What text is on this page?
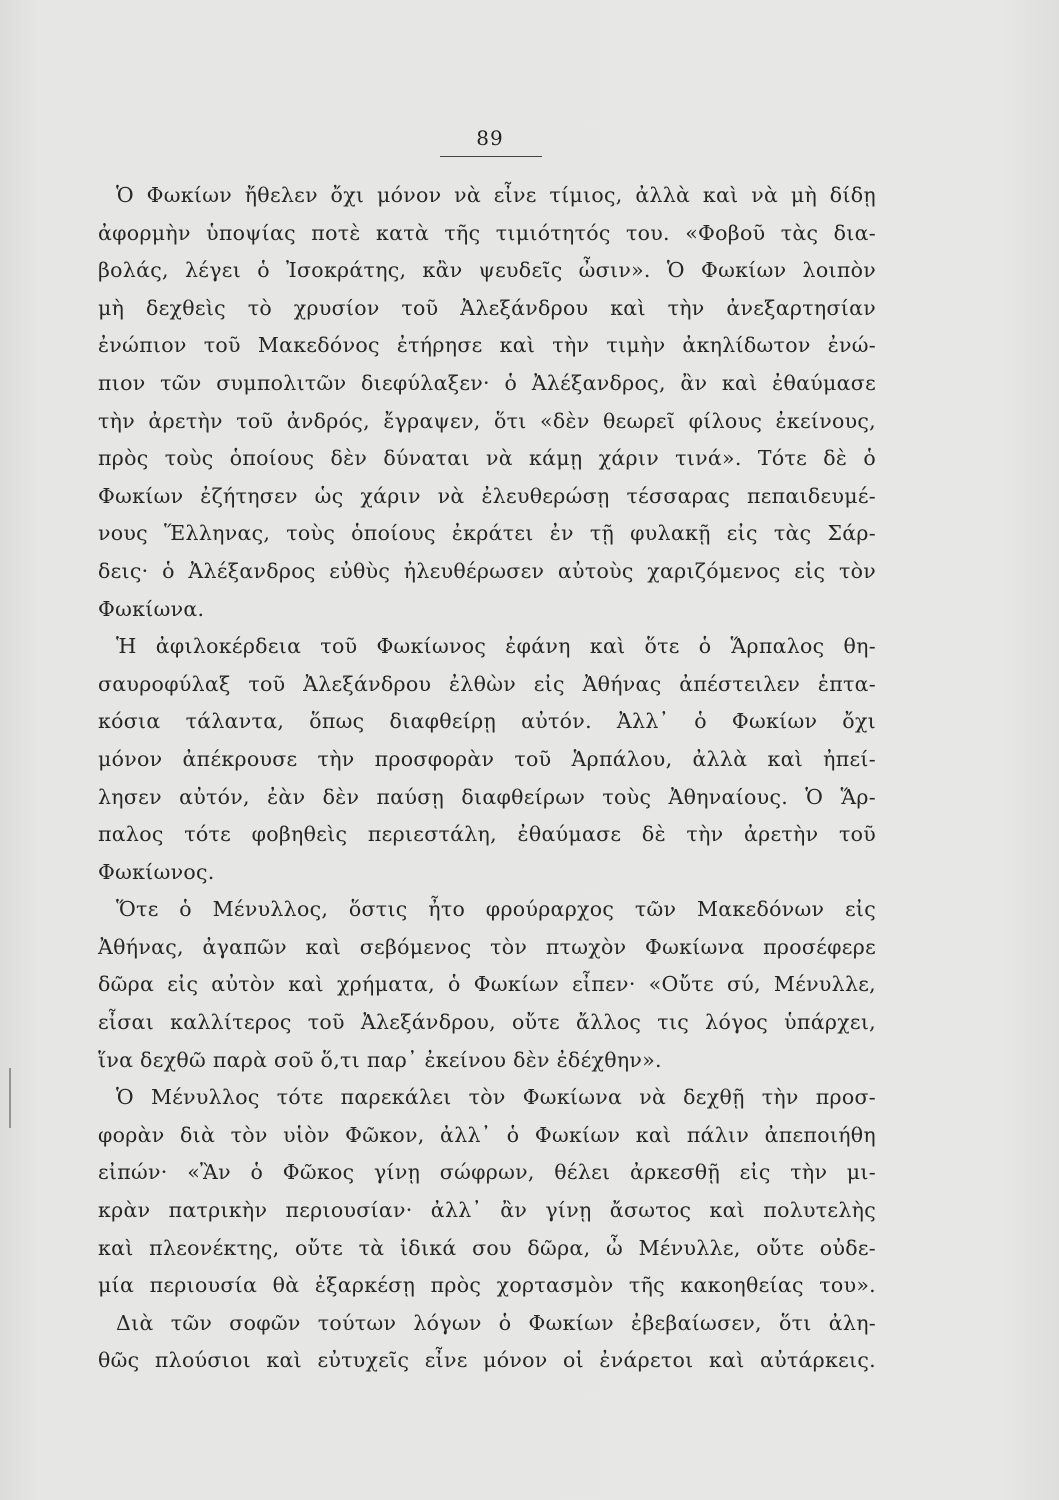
89
Ὁ Φωκίων ἤθελεν ὄχι μόνον νὰ εἶνε τίμιος, ἀλλὰ καὶ νὰ μὴ δίδῃ
ἀφορμὴν ὑποψίας ποτὲ κατὰ τῆς τιμιότητός του. «Φοβοῦ τὰς δια-
βολάς, λέγει ὁ Ἰσοκράτης, κἂν ψευδεῖς ὦσιν». Ὁ Φωκίων λοιπὸν
μὴ δεχθεὶς τὸ χρυσίον τοῦ Ἀλεξάνδρου καὶ τὴν ἀνεξαρτησίαν
ἐνώπιον τοῦ Μακεδόνος ἐτήρησε καὶ τὴν τιμὴν ἀκηλίδωτον ἐνώ-
πιον τῶν συμπολιτῶν διεφύλαξεν· ὁ Ἀλέξανδρος, ἂν καὶ ἐθαύμασε
τὴν ἀρετὴν τοῦ ἀνδρός, ἔγραψεν, ὅτι «δὲν θεωρεῖ φίλους ἐκείνους,
πρὸς τοὺς ὁποίους δὲν δύναται νὰ κάμῃ χάριν τινά». Τότε δὲ ὁ
Φωκίων ἐζήτησεν ὡς χάριν νὰ ἐλευθερώσῃ τέσσαρας πεπαιδευμέ-
νους Ἕλληνας, τοὺς ὁποίους ἐκράτει ἐν τῇ φυλακῇ εἰς τὰς Σάρ-
δεις· ὁ Ἀλέξανδρος εὐθὺς ἠλευθέρωσεν αὐτοὺς χαριζόμενος εἰς τὸν
Φωκίωνα.
Ἡ ἀφιλοκέρδεια τοῦ Φωκίωνος ἐφάνη καὶ ὅτε ὁ Ἅρπαλος θη-
σαυροφύλαξ τοῦ Ἀλεξάνδρου ἐλθὼν εἰς Ἀθήνας ἀπέστειλεν ἑπτα-
κόσια τάλαντα, ὅπως διαφθείρῃ αὐτόν. Ἀλλ᾽ ὁ Φωκίων ὄχι
μόνον ἀπέκρουσε τὴν προσφορὰν τοῦ Ἁρπάλου, ἀλλὰ καὶ ἠπεί-
λησεν αὐτόν, ἐὰν δὲν παύσῃ διαφθείρων τοὺς Ἀθηναίους. Ὁ Ἅρ-
παλος τότε φοβηθεὶς περιεστάλη, ἐθαύμασε δὲ τὴν ἀρετὴν τοῦ
Φωκίωνος.
Ὅτε ὁ Μένυλλος, ὅστις ἦτο φρούραρχος τῶν Μακεδόνων εἰς
Ἀθήνας, ἀγαπῶν καὶ σεβόμενος τὸν πτωχὸν Φωκίωνα προσέφερε
δῶρα εἰς αὐτὸν καὶ χρήματα, ὁ Φωκίων εἶπεν· «Οὔτε σύ, Μένυλλε,
εἶσαι καλλίτερος τοῦ Ἀλεξάνδρου, οὔτε ἄλλος τις λόγος ὑπάρχει,
ἵνα δεχθῶ παρὰ σοῦ ὅ,τι παρ᾽ ἐκείνου δὲν ἐδέχθην».
Ὁ Μένυλλος τότε παρεκάλει τὸν Φωκίωνα νὰ δεχθῇ τὴν προσ-
φορὰν διὰ τὸν υἱὸν Φῶκον, ἀλλ᾽ ὁ Φωκίων καὶ πάλιν ἀπεποιήθη
εἰπών· «Ἂν ὁ Φῶκος γίνῃ σώφρων, θέλει ἀρκεσθῇ εἰς τὴν μι-
κρὰν πατρικὴν περιουσίαν· ἀλλ᾽ ἂν γίνῃ ἄσωτος καὶ πολυτελὴς
καὶ πλεονέκτης, οὔτε τὰ ἰδικά σου δῶρα, ὦ Μένυλλε, οὔτε οὐδε-
μία περιουσία θὰ ἐξαρκέσῃ πρὸς χορτασμὸν τῆς κακοηθείας του».
Διὰ τῶν σοφῶν τούτων λόγων ὁ Φωκίων ἐβεβαίωσεν, ὅτι ἀλη-
θῶς πλούσιοι καὶ εὐτυχεῖς εἶνε μόνον οἱ ἐνάρετοι καὶ αὐτάρκεις.
